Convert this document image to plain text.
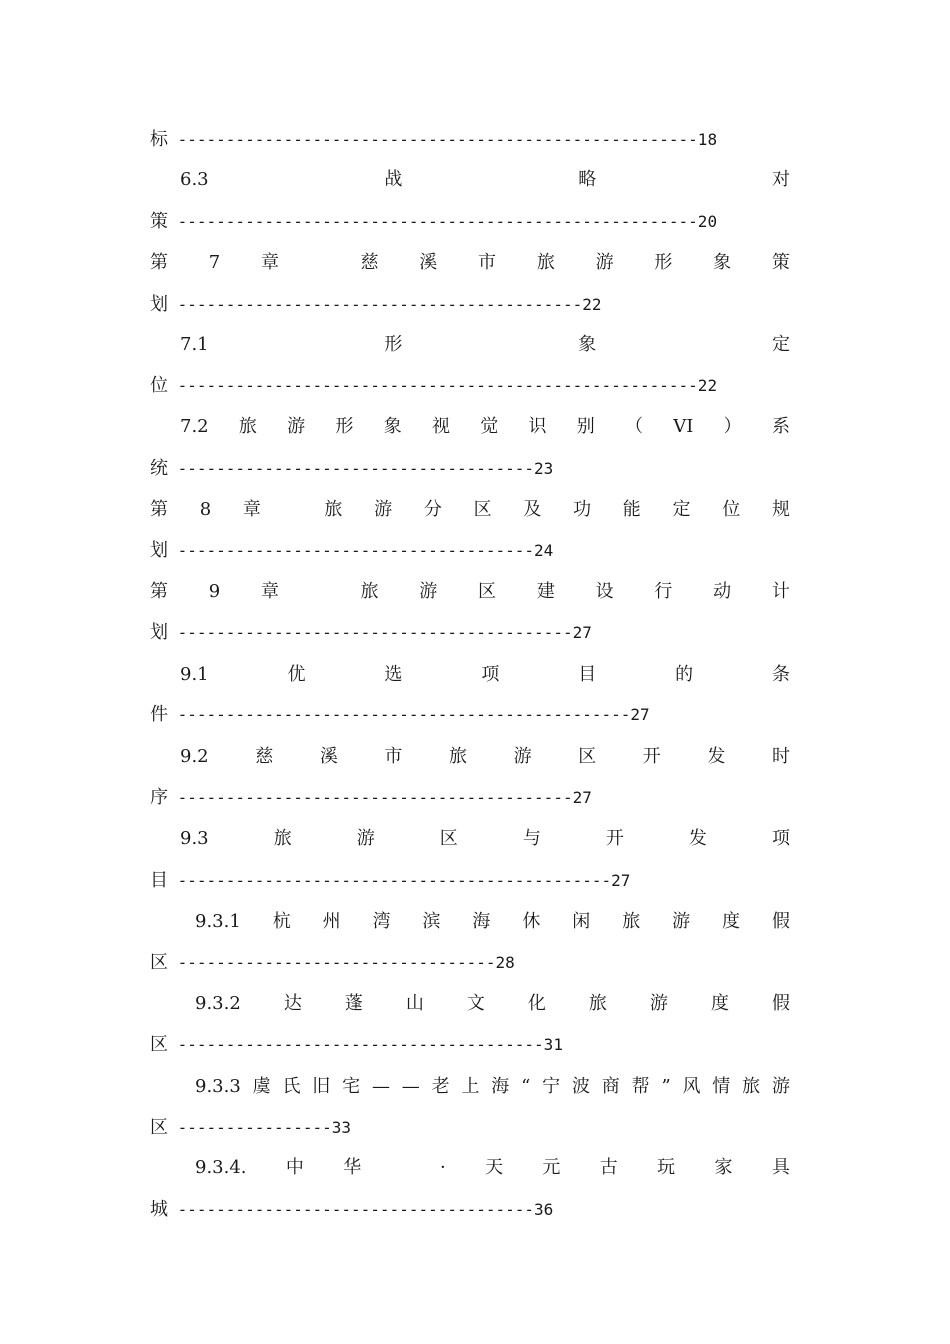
标 ------------------------------------------------------18
6.3	战	略	对
策 ------------------------------------------------------20
第 7 章	慈 溪 市 旅 游 形 象 策
划 ------------------------------------------22
7.1	形	象	定
位 ------------------------------------------------------22
7.2 旅 游 形 象 视 觉 识 别 （ VI ） 系
统 -------------------------------------23
第 8 章	旅 游 分 区 及 功 能 定 位 规
划 -------------------------------------24
第 9 章	旅 游 区 建 设 行 动 计
划 -----------------------------------------27
9.1	优	选	项	目	的	条
件 -----------------------------------------------27
9.2	慈	溪	市	旅	游	区	开	发	时
序 -----------------------------------------27
9.3	旅	游	区	与	开	发	项
目 ---------------------------------------------27
9.3.1 杭 州 湾 滨 海 休 闲 旅 游 度 假
区 ---------------------------------28
9.3.2 达 蓬 山 文 化 旅 游 度 假
区 --------------------------------------31
9.3.3 虞 氏 旧 宅 — — 老 上 海 “ 宁 波 商 帮 ” 风 情 旅 游
区 ----------------33
9.3.4. 中 华	· 天 元 古 玩 家 具
城 -------------------------------------36
